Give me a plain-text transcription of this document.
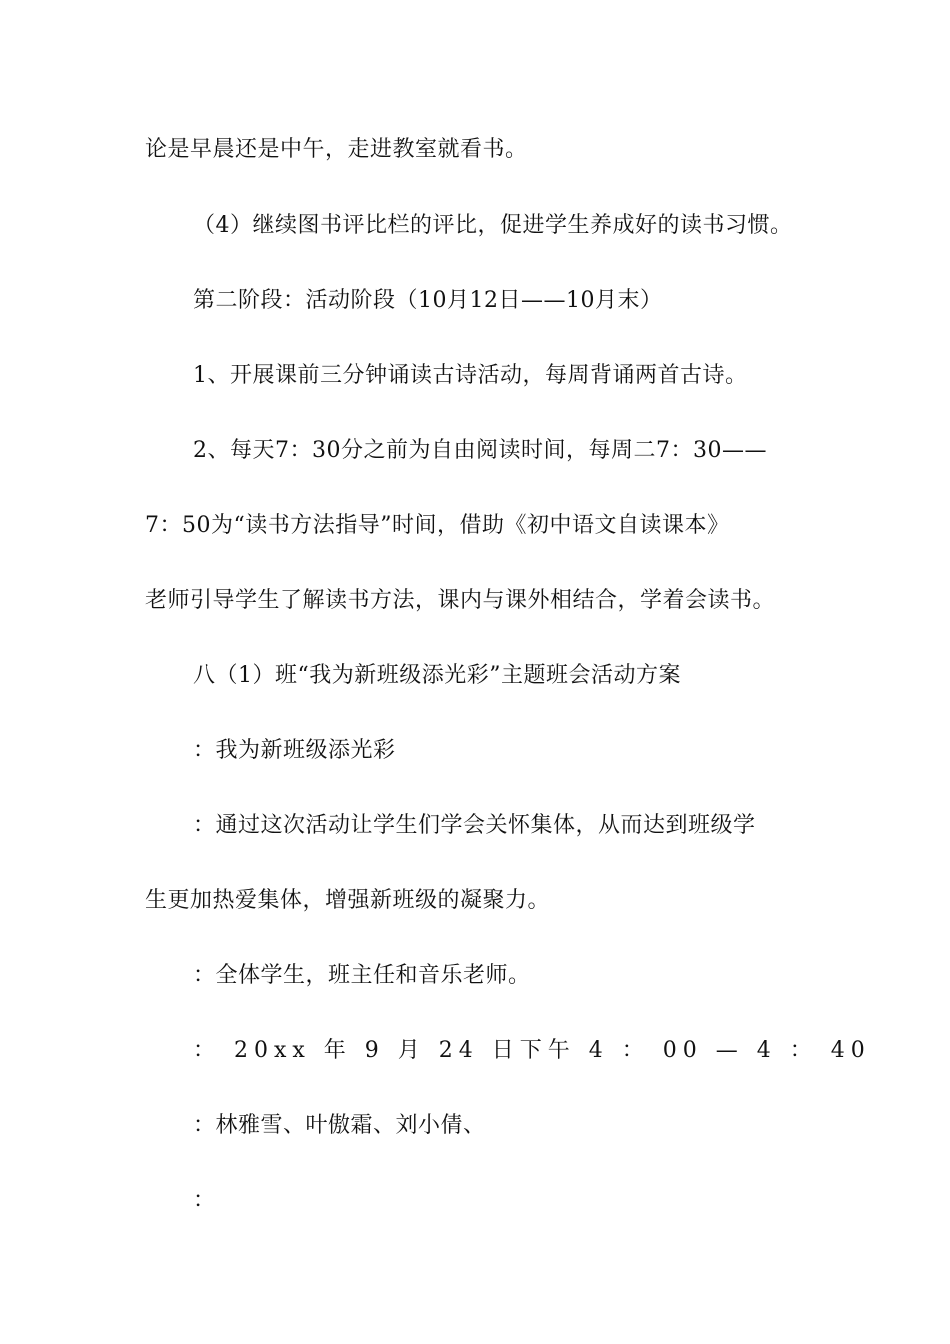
论是早晨还是中午，走进教室就看书。
（4）继续图书评比栏的评比，促进学生养成好的读书习惯。
第二阶段：活动阶段（10月12日——10月末）
1、开展课前三分钟诵读古诗活动，每周背诵两首古诗。
2、每天7：30分之前为自由阅读时间，每周二7：30——
7：50为“读书方法指导”时间，借助《初中语文自读课本》
老师引导学生了解读书方法，课内与课外相结合，学着会读书。
八（1）班“我为新班级添光彩”主题班会活动方案
：我为新班级添光彩
：通过这次活动让学生们学会关怀集体，从而达到班级学
生更加热爱集体，增强新班级的凝聚力。
：全体学生，班主任和音乐老师。
： 20xx 年 9 月 24 日下午 4 ： 00 — 4 ： 40
：林雅雪、叶傲霜、刘小倩、
：
